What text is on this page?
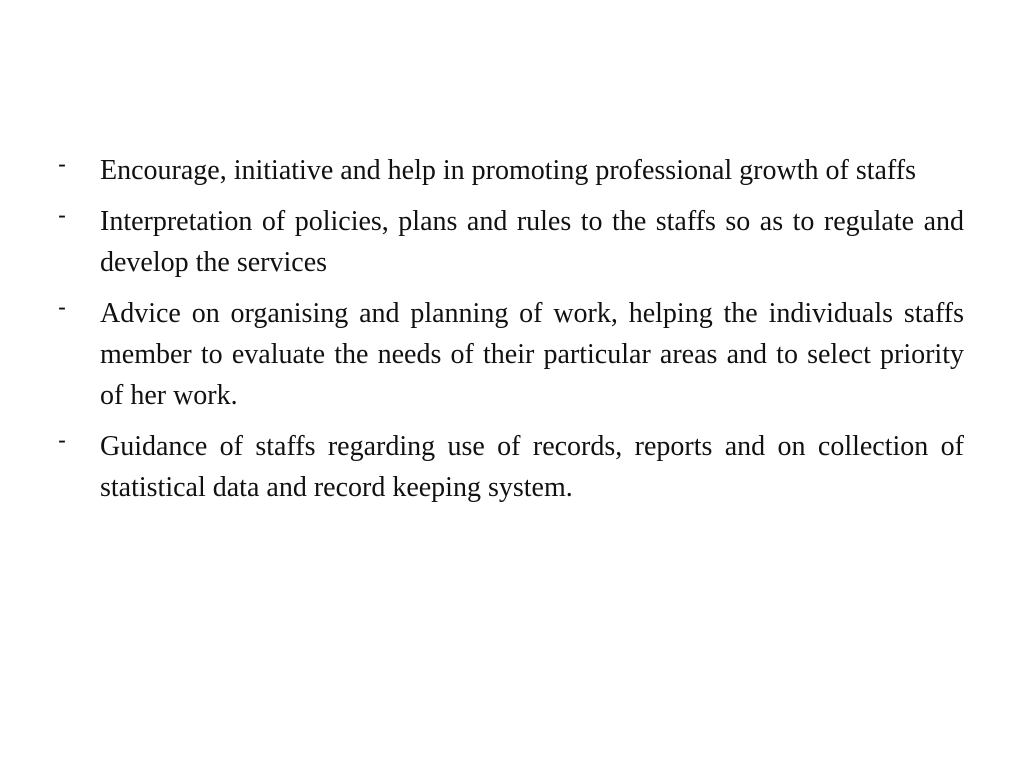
- Encourage, initiative and help in promoting professional growth of staffs
- Interpretation of policies, plans and rules to the staffs so as to regulate and develop the services
- Advice on organising and planning of work, helping the individuals staffs member to evaluate the needs of their particular areas and to select priority of her work.
- Guidance of staffs regarding use of records, reports and on collection of statistical data and record keeping system.
